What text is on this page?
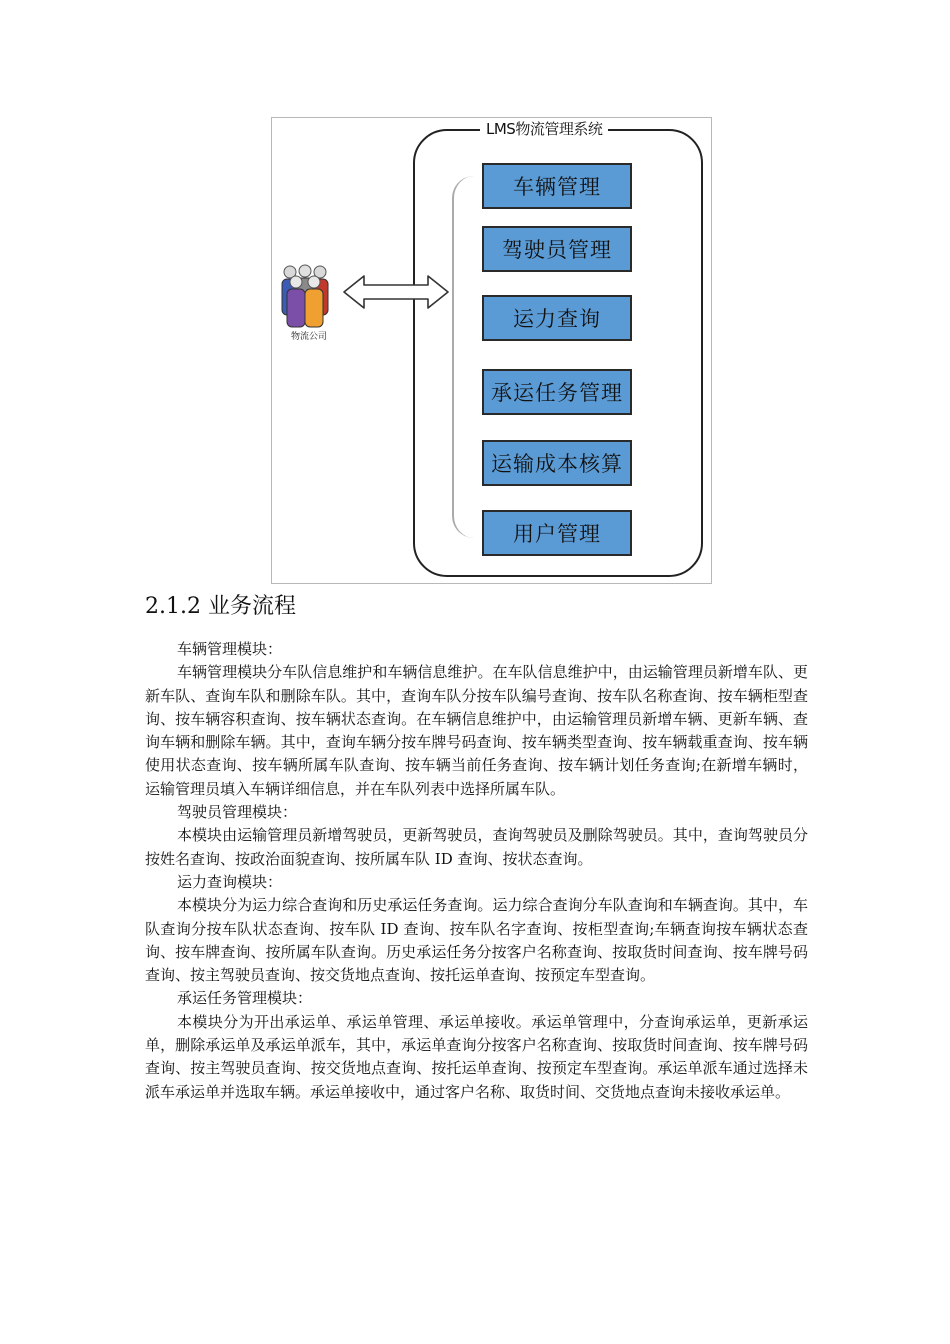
LMS物流管理系统
车辆管理
驾驶员管理
运力查询
承运任务管理
运输成本核算
用户管理
物流公司
2.1.2 业务流程

车辆管理模块：

车辆管理模块分车队信息维护和车辆信息维护。在车队信息维护中，由运输管理员新增车队、更新车队、查询车队和删除车队。其中，查询车队分按车队编号查询、按车队名称查询、按车辆柜型查询、按车辆容积查询、按车辆状态查询。在车辆信息维护中，由运输管理员新增车辆、更新车辆、查询车辆和删除车辆。其中，查询车辆分按车牌号码查询、按车辆类型查询、按车辆载重查询、按车辆使用状态查询、按车辆所属车队查询、按车辆当前任务查询、按车辆计划任务查询;在新增车辆时，运输管理员填入车辆详细信息，并在车队列表中选择所属车队。

驾驶员管理模块：

本模块由运输管理员新增驾驶员，更新驾驶员，查询驾驶员及删除驾驶员。其中，查询驾驶员分按姓名查询、按政治面貌查询、按所属车队 ID 查询、按状态查询。

运力查询模块：

本模块分为运力综合查询和历史承运任务查询。运力综合查询分车队查询和车辆查询。其中，车队查询分按车队状态查询、按车队 ID 查询、按车队名字查询、按柜型查询;车辆查询按车辆状态查询、按车牌查询、按所属车队查询。历史承运任务分按客户名称查询、按取货时间查询、按车牌号码查询、按主驾驶员查询、按交货地点查询、按托运单查询、按预定车型查询。

承运任务管理模块：

本模块分为开出承运单、承运单管理、承运单接收。承运单管理中，分查询承运单，更新承运单，删除承运单及承运单派车，其中，承运单查询分按客户名称查询、按取货时间查询、按车牌号码查询、按主驾驶员查询、按交货地点查询、按托运单查询、按预定车型查询。承运单派车通过选择未派车承运单并选取车辆。承运单接收中，通过客户名称、取货时间、交货地点查询未接收承运单。
